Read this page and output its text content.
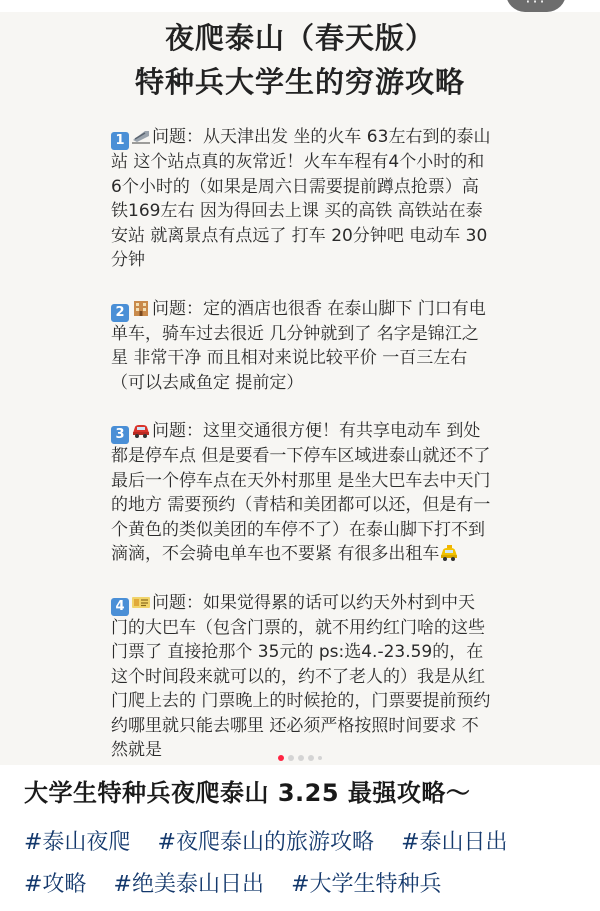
夜爬泰山（春天版）
特种兵大学生的穷游攻略

1 问题：从天津出发 坐的火车 63左右到的泰山站 这个站点真的灰常近！火车车程有4个小时的和6个小时的（如果是周六日需要提前蹲点抢票）高铁169左右 因为得回去上课 买的高铁 高铁站在泰安站 就离景点有点远了 打车 20分钟吧 电动车 30分钟

2 问题：定的酒店也很香 在泰山脚下 门口有电单车，骑车过去很近 几分钟就到了 名字是锦江之星 非常干净 而且相对来说比较平价 一百三左右（可以去咸鱼定 提前定）

3 问题：这里交通很方便！有共享电动车 到处都是停车点 但是要看一下停车区域进泰山就还不了 最后一个停车点在天外村那里 是坐大巴车去中天门的地方 需要预约（青桔和美团都可以还，但是有一个黄色的类似美团的车停不了）在泰山脚下打不到滴滴，不会骑电单车也不要紧 有很多出租车

4 问题：如果觉得累的话可以约天外村到中天门的大巴车（包含门票的，就不用约红门啥的这些门票了 直接抢那个 35元的 ps:选4.-23.59的，在这个时间段来就可以的，约不了老人的）我是从红门爬上去的 门票晚上的时候抢的，门票要提前预约 约哪里就只能去哪里 还必须严格按照时间要求 不然就是

···
大学生特种兵夜爬泰山 3.25 最强攻略～
#泰山夜爬 #夜爬泰山的旅游攻略 #泰山日出
#攻略 #绝美泰山日出 #大学生特种兵
